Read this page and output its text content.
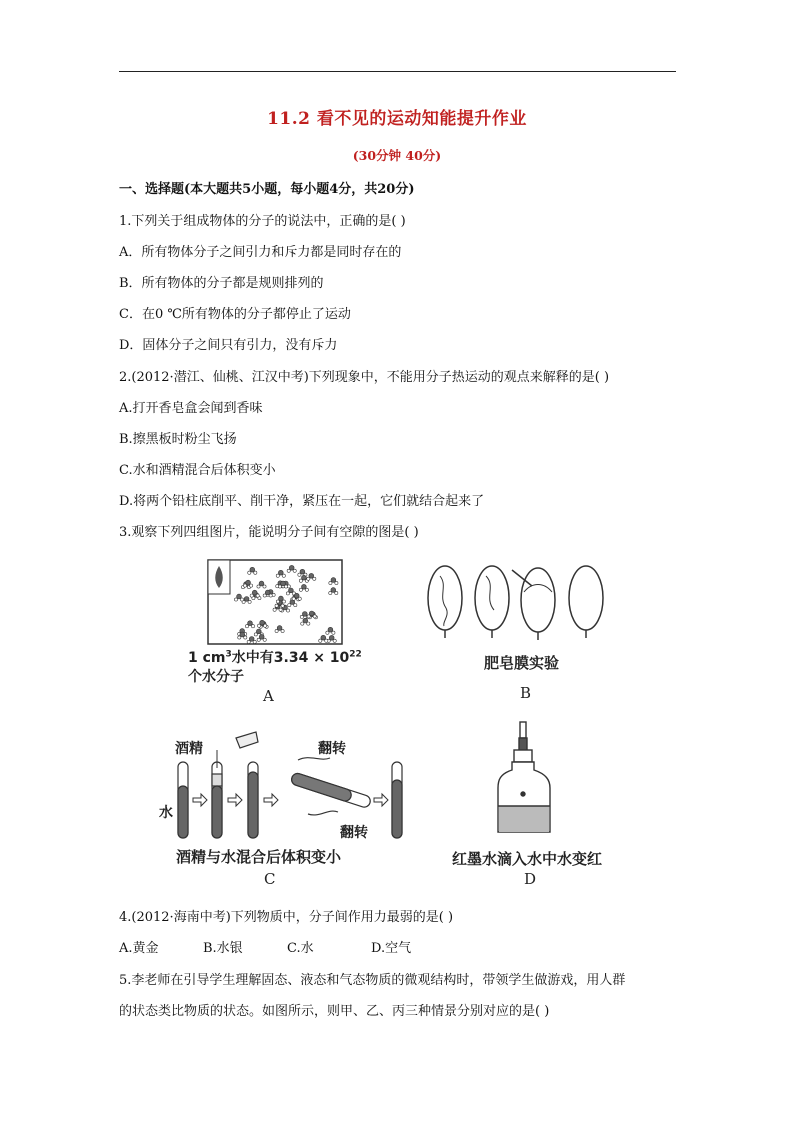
11.2 看不见的运动知能提升作业
(30分钟 40分)
一、选择题(本大题共5小题，每小题4分，共20分)
1.下列关于组成物体的分子的说法中，正确的是( )
A．所有物体分子之间引力和斥力都是同时存在的
B．所有物体的分子都是规则排列的
C．在0 ℃所有物体的分子都停止了运动
D．固体分子之间只有引力，没有斥力
2.(2012·潜江、仙桃、江汉中考)下列现象中，不能用分子热运动的观点来解释的是( )
A.打开香皂盒会闻到香味
B.擦黑板时粉尘飞扬
C.水和酒精混合后体积变小
D.将两个铅柱底削平、削干净，紧压在一起，它们就结合起来了
3.观察下列四组图片，能说明分子间有空隙的图是( )
1 $cm^3$水中有$3.34 \times 10^{22}$
个水分子
A
肥皂膜实验
B
酒精
水
翻转
翻转
酒精与水混合后体积变小
C
红墨水滴入水中水变红
D
4.(2012·海南中考)下列物质中，分子间作用力最弱的是( )
A.黄金	B.水银	C.水	D.空气
5.李老师在引导学生理解固态、液态和气态物质的微观结构时，带领学生做游戏，用人群
的状态类比物质的状态。如图所示，则甲、乙、丙三种情景分别对应的是( )
